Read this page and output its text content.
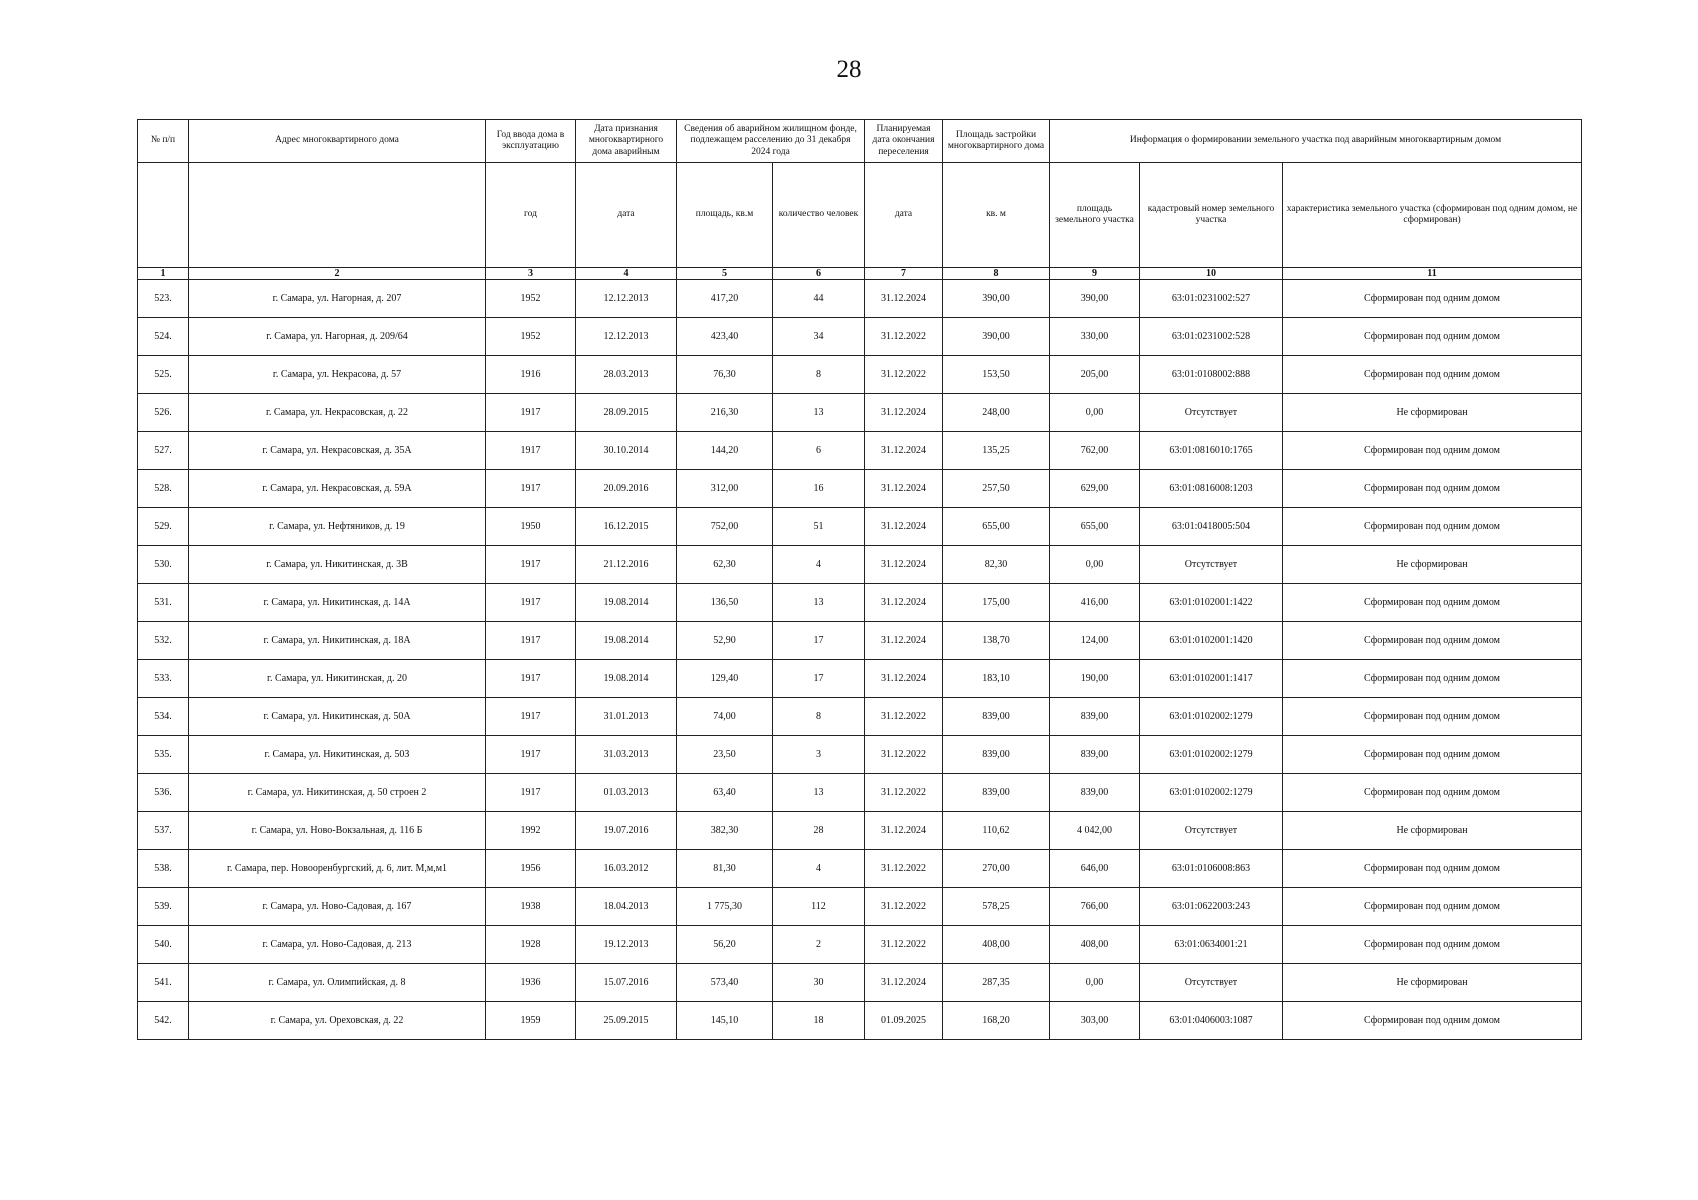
28
№ п/п	Адрес многоквартирного дома	Год ввода дома в эксплуатацию	Дата признания многоквартирного дома аварийным	Сведения об аварийном жилищном фонде, подлежащем расселению до 31 декабря 2024 года		Планируемая дата окончания переселения	Площадь застройки многоквартирного дома	Информация о формировании земельного участка под аварийным многоквартирным домом		
								площадь земельного участка	кадастровый номер земельного участка	характеристика земельного участка (сформирован под одним домом, не сформирован)
		год	дата	площадь, кв.м	количество человек	дата	кв. м			
1	2	3	4	5	6	7	8	9	10	11
523.	г. Самара, ул. Нагорная, д. 207	1952	12.12.2013	417,20	44	31.12.2024	390,00	390,00	63:01:0231002:527	Сформирован под одним домом
524.	г. Самара, ул. Нагорная, д. 209/64	1952	12.12.2013	423,40	34	31.12.2022	390,00	330,00	63:01:0231002:528	Сформирован под одним домом
525.	г. Самара, ул. Некрасова, д. 57	1916	28.03.2013	76,30	8	31.12.2022	153,50	205,00	63:01:0108002:888	Сформирован под одним домом
526.	г. Самара, ул. Некрасовская, д. 22	1917	28.09.2015	216,30	13	31.12.2024	248,00	0,00	Отсутствует	Не сформирован
527.	г. Самара, ул. Некрасовская, д. 35А	1917	30.10.2014	144,20	6	31.12.2024	135,25	762,00	63:01:0816010:1765	Сформирован под одним домом
528.	г. Самара, ул. Некрасовская, д. 59А	1917	20.09.2016	312,00	16	31.12.2024	257,50	629,00	63:01:0816008:1203	Сформирован под одним домом
529.	г. Самара, ул. Нефтяников, д. 19	1950	16.12.2015	752,00	51	31.12.2024	655,00	655,00	63:01:0418005:504	Сформирован под одним домом
530.	г. Самара, ул. Никитинская, д. 3В	1917	21.12.2016	62,30	4	31.12.2024	82,30	0,00	Отсутствует	Не сформирован
531.	г. Самара, ул. Никитинская, д. 14А	1917	19.08.2014	136,50	13	31.12.2024	175,00	416,00	63:01:0102001:1422	Сформирован под одним домом
532.	г. Самара, ул. Никитинская, д. 18А	1917	19.08.2014	52,90	17	31.12.2024	138,70	124,00	63:01:0102001:1420	Сформирован под одним домом
533.	г. Самара, ул. Никитинская, д. 20	1917	19.08.2014	129,40	17	31.12.2024	183,10	190,00	63:01:0102001:1417	Сформирован под одним домом
534.	г. Самара, ул. Никитинская, д. 50А	1917	31.01.2013	74,00	8	31.12.2022	839,00	839,00	63:01:0102002:1279	Сформирован под одним домом
535.	г. Самара, ул. Никитинская, д. 50З	1917	31.03.2013	23,50	3	31.12.2022	839,00	839,00	63:01:0102002:1279	Сформирован под одним домом
536.	г. Самара, ул. Никитинская, д. 50 строен 2	1917	01.03.2013	63,40	13	31.12.2022	839,00	839,00	63:01:0102002:1279	Сформирован под одним домом
537.	г. Самара, ул. Ново-Вокзальная, д. 116 Б	1992	19.07.2016	382,30	28	31.12.2024	110,62	4 042,00	Отсутствует	Не сформирован
538.	г. Самара, пер. Новооренбургский, д. 6, лит. М,м,м1	1956	16.03.2012	81,30	4	31.12.2022	270,00	646,00	63:01:0106008:863	Сформирован под одним домом
539.	г. Самара, ул. Ново-Садовая, д. 167	1938	18.04.2013	1 775,30	112	31.12.2022	578,25	766,00	63:01:0622003:243	Сформирован под одним домом
540.	г. Самара, ул. Ново-Садовая, д. 213	1928	19.12.2013	56,20	2	31.12.2022	408,00	408,00	63:01:0634001:21	Сформирован под одним домом
541.	г. Самара, ул. Олимпийская, д. 8	1936	15.07.2016	573,40	30	31.12.2024	287,35	0,00	Отсутствует	Не сформирован
542.	г. Самара, ул. Ореховская, д. 22	1959	25.09.2015	145,10	18	01.09.2025	168,20	303,00	63:01:0406003:1087	Сформирован под одним домом
